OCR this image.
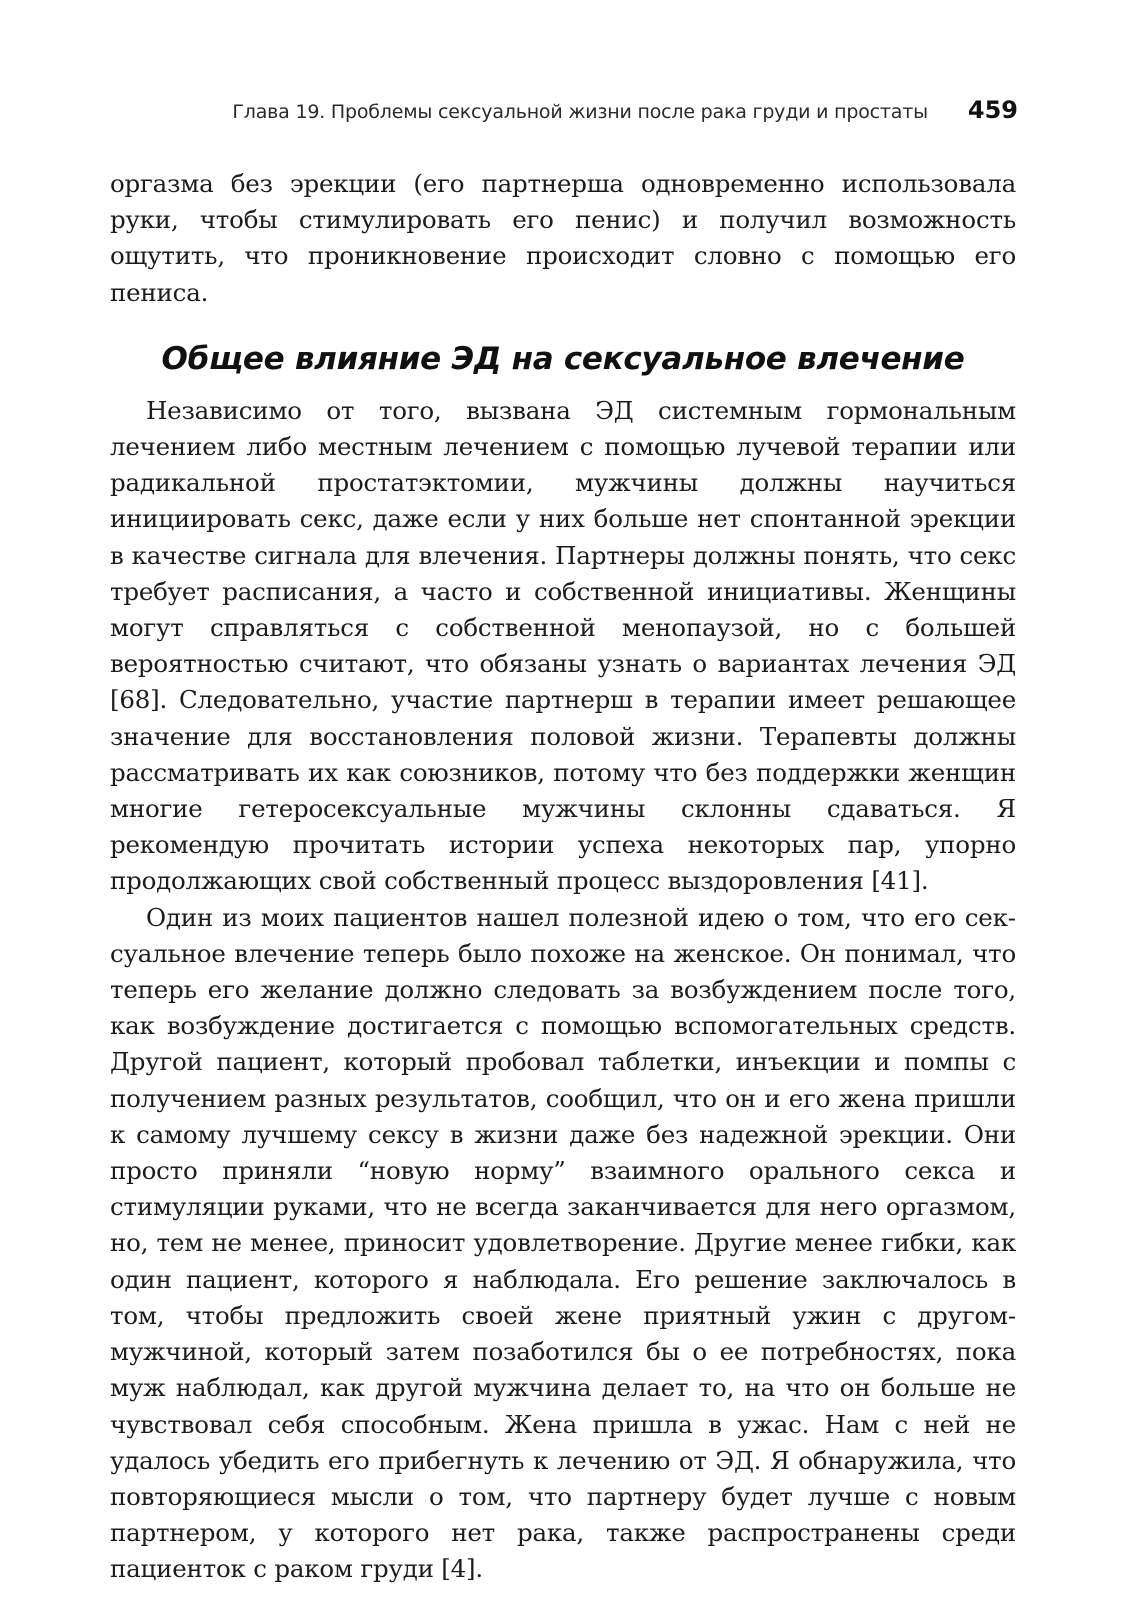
Глава 19. Проблемы сексуальной жизни после рака груди и простаты 459

оргазма без эрекции (его партнерша одновременно использовала руки, чтобы стимулировать его пенис) и получил возможность ощутить, что проникновение происходит словно с помощью его пениса.

Общее влияние ЭД на сексуальное влечение

Независимо от того, вызвана ЭД системным гормональным лечением либо местным лечением с помощью лучевой терапии или радикальной простатэктомии, мужчины должны научиться инициировать секс, даже если у них больше нет спонтанной эрекции в качестве сигнала для влечения. Партнеры должны понять, что секс требует расписания, а часто и собственной инициативы. Женщины могут справляться с собственной менопаузой, но с большей вероятностью считают, что обязаны узнать о вариантах лечения ЭД [68]. Следовательно, участие партнерш в терапии имеет решающее значение для восстановления половой жизни. Терапевты должны рассматривать их как союзников, потому что без поддержки женщин многие гетеросексуальные мужчины склонны сдаваться. Я рекомендую прочитать истории успеха некоторых пар, упорно продолжающих свой собственный процесс выздоровления [41].

Один из моих пациентов нашел полезной идею о том, что его сексуальное влечение теперь было похоже на женское. Он понимал, что теперь его желание должно следовать за возбуждением после того, как возбуждение достигается с помощью вспомогательных средств. Другой пациент, который пробовал таблетки, инъекции и помпы с получением разных результатов, сообщил, что он и его жена пришли к самому лучшему сексу в жизни даже без надежной эрекции. Они просто приняли “новую норму” взаимного орального секса и стимуляции руками, что не всегда заканчивается для него оргазмом, но, тем не менее, приносит удовлетворение. Другие менее гибки, как один пациент, которого я наблюдала. Его решение заключалось в том, чтобы предложить своей жене приятный ужин с другом-мужчиной, который затем позаботился бы о ее потребностях, пока муж наблюдал, как другой мужчина делает то, на что он больше не чувствовал себя способным. Жена пришла в ужас. Нам с ней не удалось убедить его прибегнуть к лечению от ЭД. Я обнаружила, что повторяющиеся мысли о том, что партнеру будет лучше с новым партнером, у которого нет рака, также распространены среди пациенток с раком груди [4].
